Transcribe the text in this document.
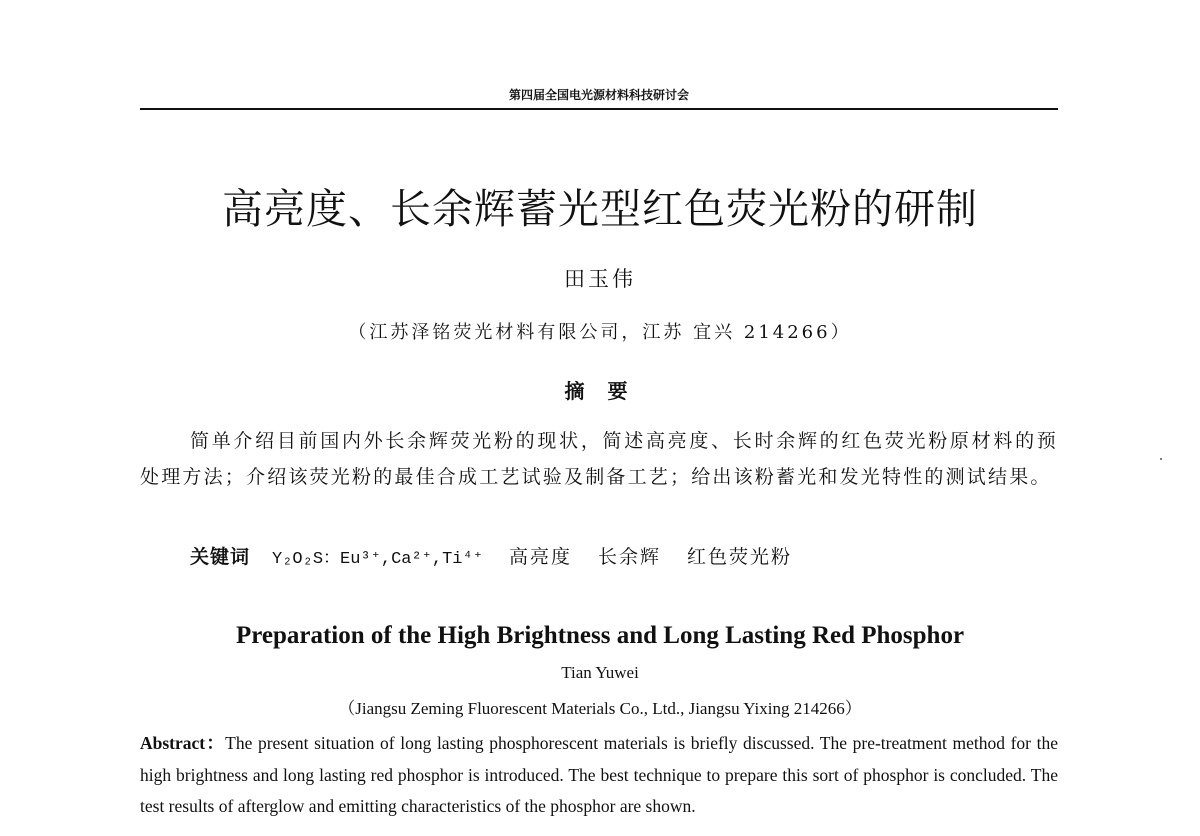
第四届全国电光源材料科技研讨会
高亮度、长余辉蓄光型红色荧光粉的研制
田玉伟
（江苏泽铭荧光材料有限公司，江苏 宜兴 214266）
摘 要

简单介绍目前国内外长余辉荧光粉的现状，简述高亮度、长时余辉的红色荧光粉原材料的预处理方法；介绍该荧光粉的最佳合成工艺试验及制备工艺；给出该粉蓄光和发光特性的测试结果。

关键词 Y₂O₂S：Eu³⁺,Ca²⁺,Ti⁴⁺ 高亮度 长余辉 红色荧光粉
Preparation of the High Brightness and Long Lasting Red Phosphor
Tian Yuwei
（Jiangsu Zeming Fluorescent Materials Co., Ltd., Jiangsu Yixing 214266）

Abstract：The present situation of long lasting phosphorescent materials is briefly discussed. The pre-treatment method for the high brightness and long lasting red phosphor is introduced. The best technique to prepare this sort of phosphor is concluded. The test results of afterglow and emitting characteristics of the phosphor are shown.
